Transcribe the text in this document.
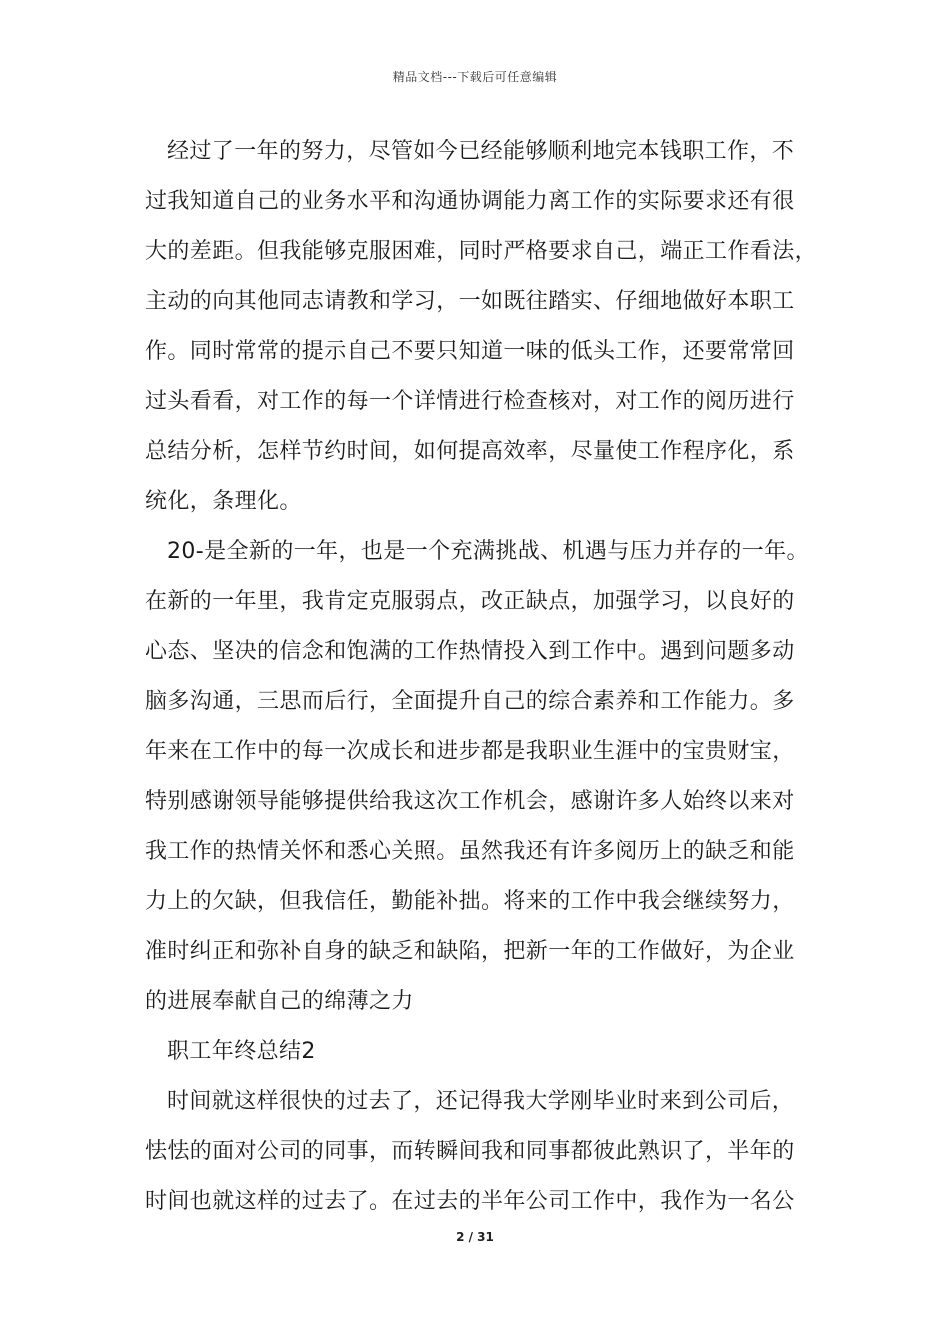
精品文档---下载后可任意编辑
经过了一年的努力，尽管如今已经能够顺利地完本钱职工作，不
过我知道自己的业务水平和沟通协调能力离工作的实际要求还有很
大的差距。但我能够克服困难，同时严格要求自己，端正工作看法，
主动的向其他同志请教和学习，一如既往踏实、仔细地做好本职工
作。同时常常的提示自己不要只知道一味的低头工作，还要常常回
过头看看，对工作的每一个详情进行检查核对，对工作的阅历进行
总结分析，怎样节约时间，如何提高效率，尽量使工作程序化，系
统化，条理化。
20-是全新的一年，也是一个充满挑战、机遇与压力并存的一年。
在新的一年里，我肯定克服弱点，改正缺点，加强学习，以良好的
心态、坚决的信念和饱满的工作热情投入到工作中。遇到问题多动
脑多沟通，三思而后行，全面提升自己的综合素养和工作能力。多
年来在工作中的每一次成长和进步都是我职业生涯中的宝贵财宝，
特别感谢领导能够提供给我这次工作机会，感谢许多人始终以来对
我工作的热情关怀和悉心关照。虽然我还有许多阅历上的缺乏和能
力上的欠缺，但我信任，勤能补拙。将来的工作中我会继续努力，
准时纠正和弥补自身的缺乏和缺陷，把新一年的工作做好，为企业
的进展奉献自己的绵薄之力
职工年终总结2
时间就这样很快的过去了，还记得我大学刚毕业时来到公司后，
怯怯的面对公司的同事，而转瞬间我和同事都彼此熟识了，半年的
时间也就这样的过去了。在过去的半年公司工作中，我作为一名公
2 / 31
